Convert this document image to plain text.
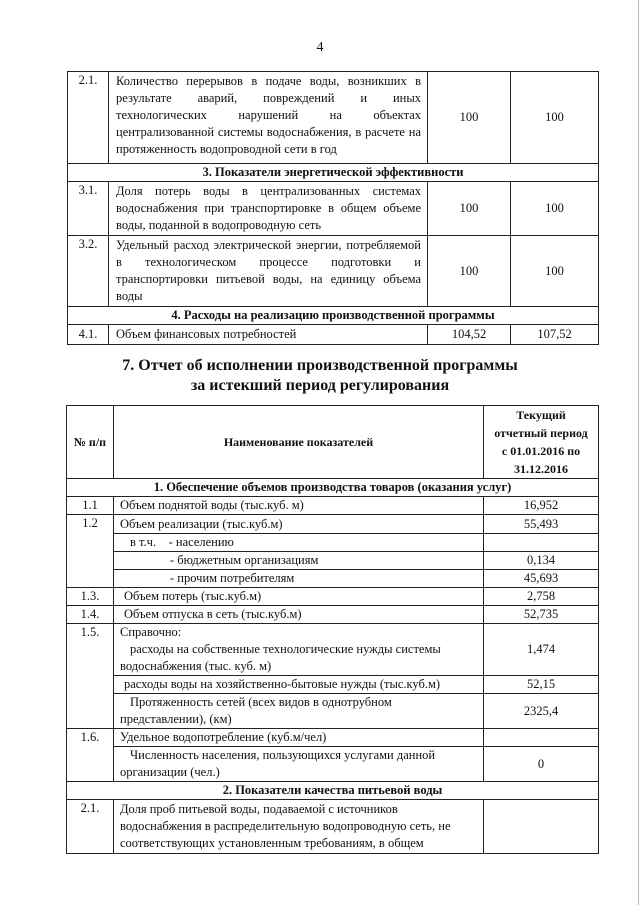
4
2.1.	Количество перерывов в подаче воды, возникших в результате аварий, повреждений и иных технологических нарушений на объектах централизованной системы водоснабжения, в расчете на протяженность водопроводной сети в год	100	100
3. Показатели энергетической эффективности			
3.1.	Доля потерь воды в централизованных системах водоснабжения при транспортировке в общем объеме воды, поданной в водопроводную сеть	100	100
3.2.	Удельный расход электрической энергии, потребляемой в технологическом процессе подготовки и транспортировки питьевой воды, на единицу объема воды	100	100
4. Расходы на реализацию производственной программы			
4.1.	Объем финансовых потребностей	104,52	107,52
7. Отчет об исполнении производственной программы
за истекший период регулирования
№ п/п	Наименование показателей	Текущий
отчетный период
с 01.01.2016 по
31.12.2016

1. Обеспечение объемов производства товаров (оказания услуг)		
1.1	Объем поднятой воды (тыс.куб. м)	16,952
1.2	Объем реализации (тыс.куб.м)	55,493
	в т.ч.    - населению	
	- бюджетным организациям	0,134
	- прочим потребителям	45,693
1.3.	Объем потерь (тыс.куб.м)	2,758
1.4.	Объем отпуска в сеть (тыс.куб.м)	52,735
1.5.	Справочно:
расходы на собственные технологические нужды системы
водоснабжения (тыс. куб. м)	1,474
	расходы воды на хозяйственно-бытовые нужды (тыс.куб.м)	52,15

	Протяженность сетей (всех видов в однотрубном
представлении), (км)	2325,4
1.6.	Удельное водопотребление (куб.м/чел)	

	Численность населения, пользующихся услугами данной
организации (чел.)	0
2. Показатели качества питьевой воды		
2.1.	Доля проб питьевой воды, подаваемой с источников
водоснабжения в распределительную водопроводную сеть, не
соответствующих установленным требованиям, в общем	
